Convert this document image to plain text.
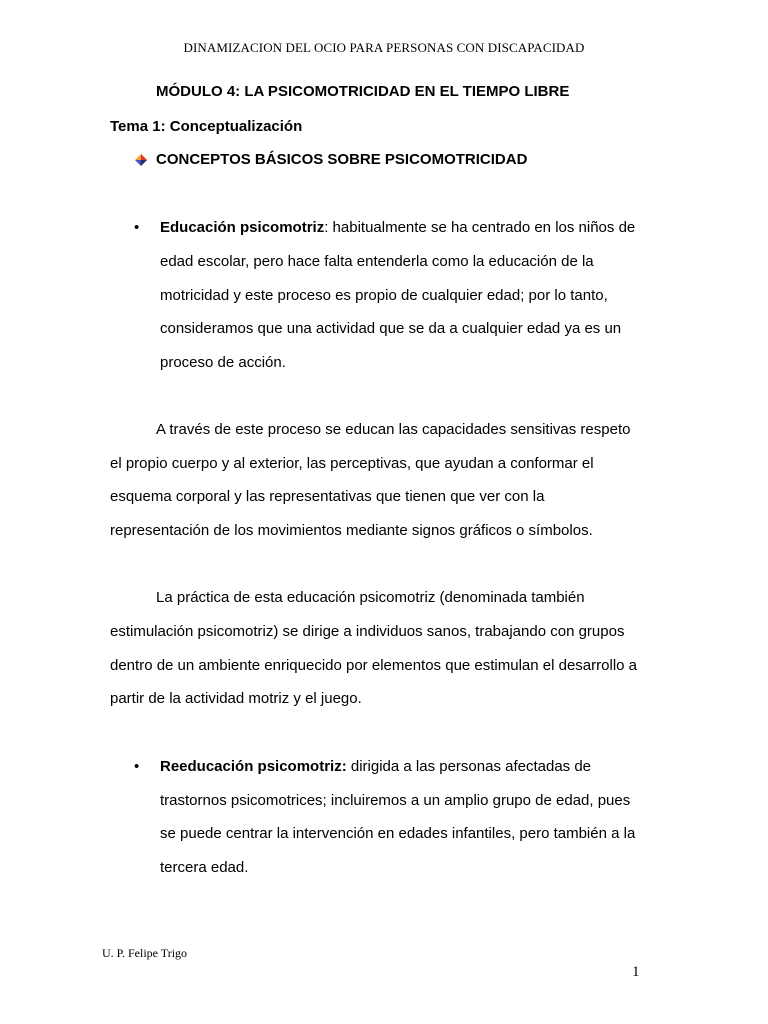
DINAMIZACION DEL OCIO PARA PERSONAS CON DISCAPACIDAD
MÓDULO 4: LA PSICOMOTRICIDAD EN EL TIEMPO LIBRE
Tema 1: Conceptualización
CONCEPTOS BÁSICOS SOBRE PSICOMOTRICIDAD
• Educación psicomotriz: habitualmente se ha centrado en los niños de
edad escolar, pero hace falta entenderla como la educación de la
motricidad y este proceso es propio de cualquier edad; por lo tanto,
consideramos que una actividad que se da a cualquier edad ya es un
proceso de acción.
A través de este proceso se educan las capacidades sensitivas respeto
el propio cuerpo y al exterior, las perceptivas, que ayudan a conformar el
esquema corporal y las representativas que tienen que ver con la
representación de los movimientos mediante signos gráficos o símbolos.
La práctica de esta educación psicomotriz (denominada también
estimulación psicomotriz) se dirige a individuos sanos, trabajando con grupos
dentro de un ambiente enriquecido por elementos que estimulan el desarrollo a
partir de la actividad motriz y el juego.
• Reeducación psicomotriz: dirigida a las personas afectadas de
trastornos psicomotrices; incluiremos a un amplio grupo de edad, pues
se puede centrar la intervención en edades infantiles, pero también a la
tercera edad.
U. P. Felipe Trigo
1
